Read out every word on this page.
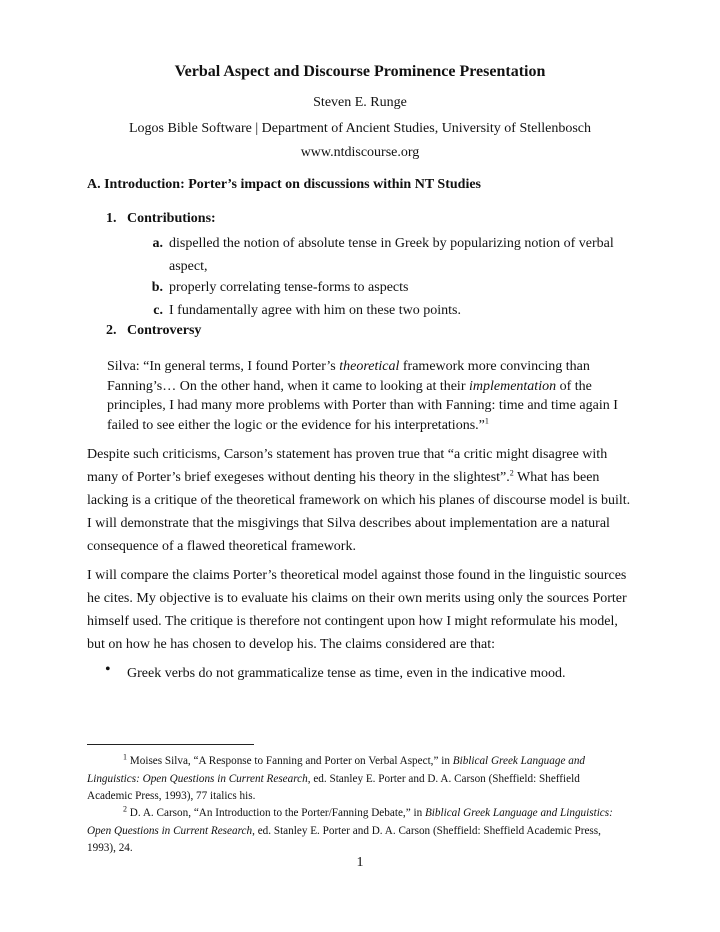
Verbal Aspect and Discourse Prominence Presentation
Steven E. Runge
Logos Bible Software | Department of Ancient Studies, University of Stellenbosch
www.ntdiscourse.org
A. Introduction: Porter’s impact on discussions within NT Studies
1. Contributions:
a. dispelled the notion of absolute tense in Greek by popularizing notion of verbal
aspect,
b. properly correlating tense-forms to aspects
c. I fundamentally agree with him on these two points.
2. Controversy
Silva: “In general terms, I found Porter’s theoretical framework more convincing than
Fanning’s… On the other hand, when it came to looking at their implementation of the
principles, I had many more problems with Porter than with Fanning: time and time again I
failed to see either the logic or the evidence for his interpretations.”$^1$
Despite such criticisms, Carson’s statement has proven true that “a critic might disagree with
many of Porter’s brief exegeses without denting his theory in the slightest”.$^2$ What has been
lacking is a critique of the theoretical framework on which his planes of discourse model is built.
I will demonstrate that the misgivings that Silva describes about implementation are a natural
consequence of a flawed theoretical framework.
I will compare the claims Porter’s theoretical model against those found in the linguistic sources
he cites. My objective is to evaluate his claims on their own merits using only the sources Porter
himself used. The critique is therefore not contingent upon how I might reformulate his model,
but on how he has chosen to develop his. The claims considered are that:
• Greek verbs do not grammaticalize tense as time, even in the indicative mood.
$^1$ Moises Silva, “A Response to Fanning and Porter on Verbal Aspect,” in Biblical Greek Language and
Linguistics: Open Questions in Current Research, ed. Stanley E. Porter and D. A. Carson (Sheffield: Sheffield
Academic Press, 1993), 77 italics his.
$^2$ D. A. Carson, “An Introduction to the Porter/Fanning Debate,” in Biblical Greek Language and Linguistics:
Open Questions in Current Research, ed. Stanley E. Porter and D. A. Carson (Sheffield: Sheffield Academic Press,
1993), 24.
1
